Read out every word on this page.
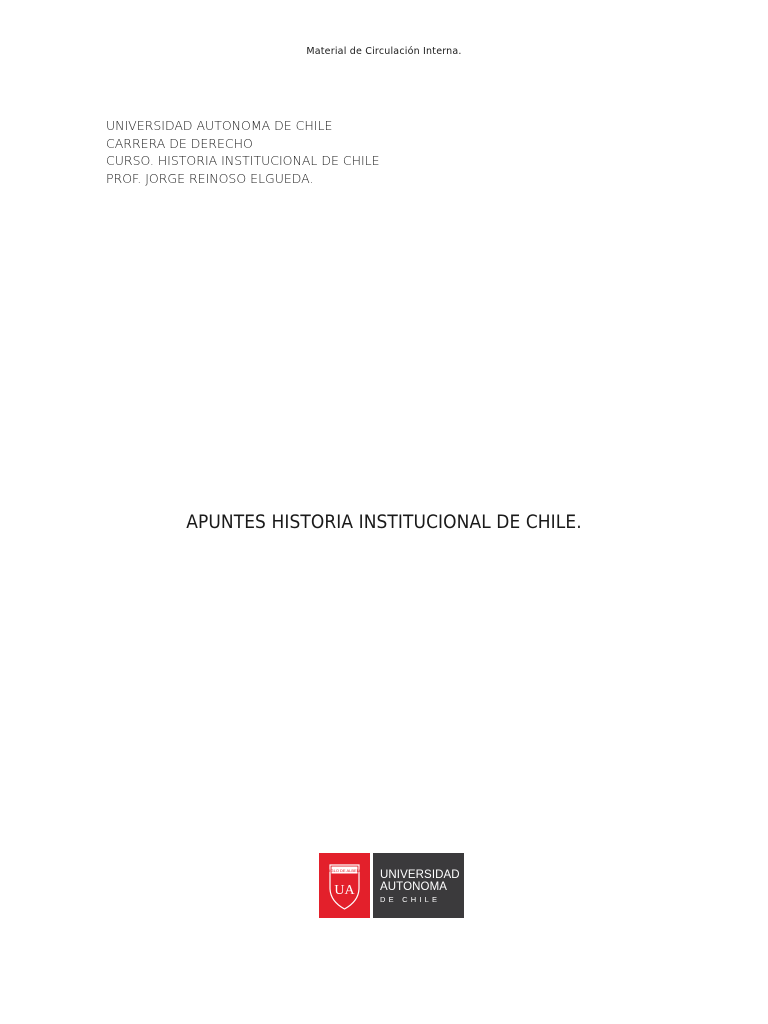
Material de Circulación Interna.
UNIVERSIDAD AUTONOMA DE CHILE
CARRERA DE DERECHO
CURSO. HISTORIA INSTITUCIONAL DE CHILE
PROF. JORGE REINOSO ELGUEDA.
APUNTES HISTORIA INSTITUCIONAL DE CHILE.
SIGLO DE ALBENS
UA
UNIVERSIDAD
AUTONOMA
DE CHILE
